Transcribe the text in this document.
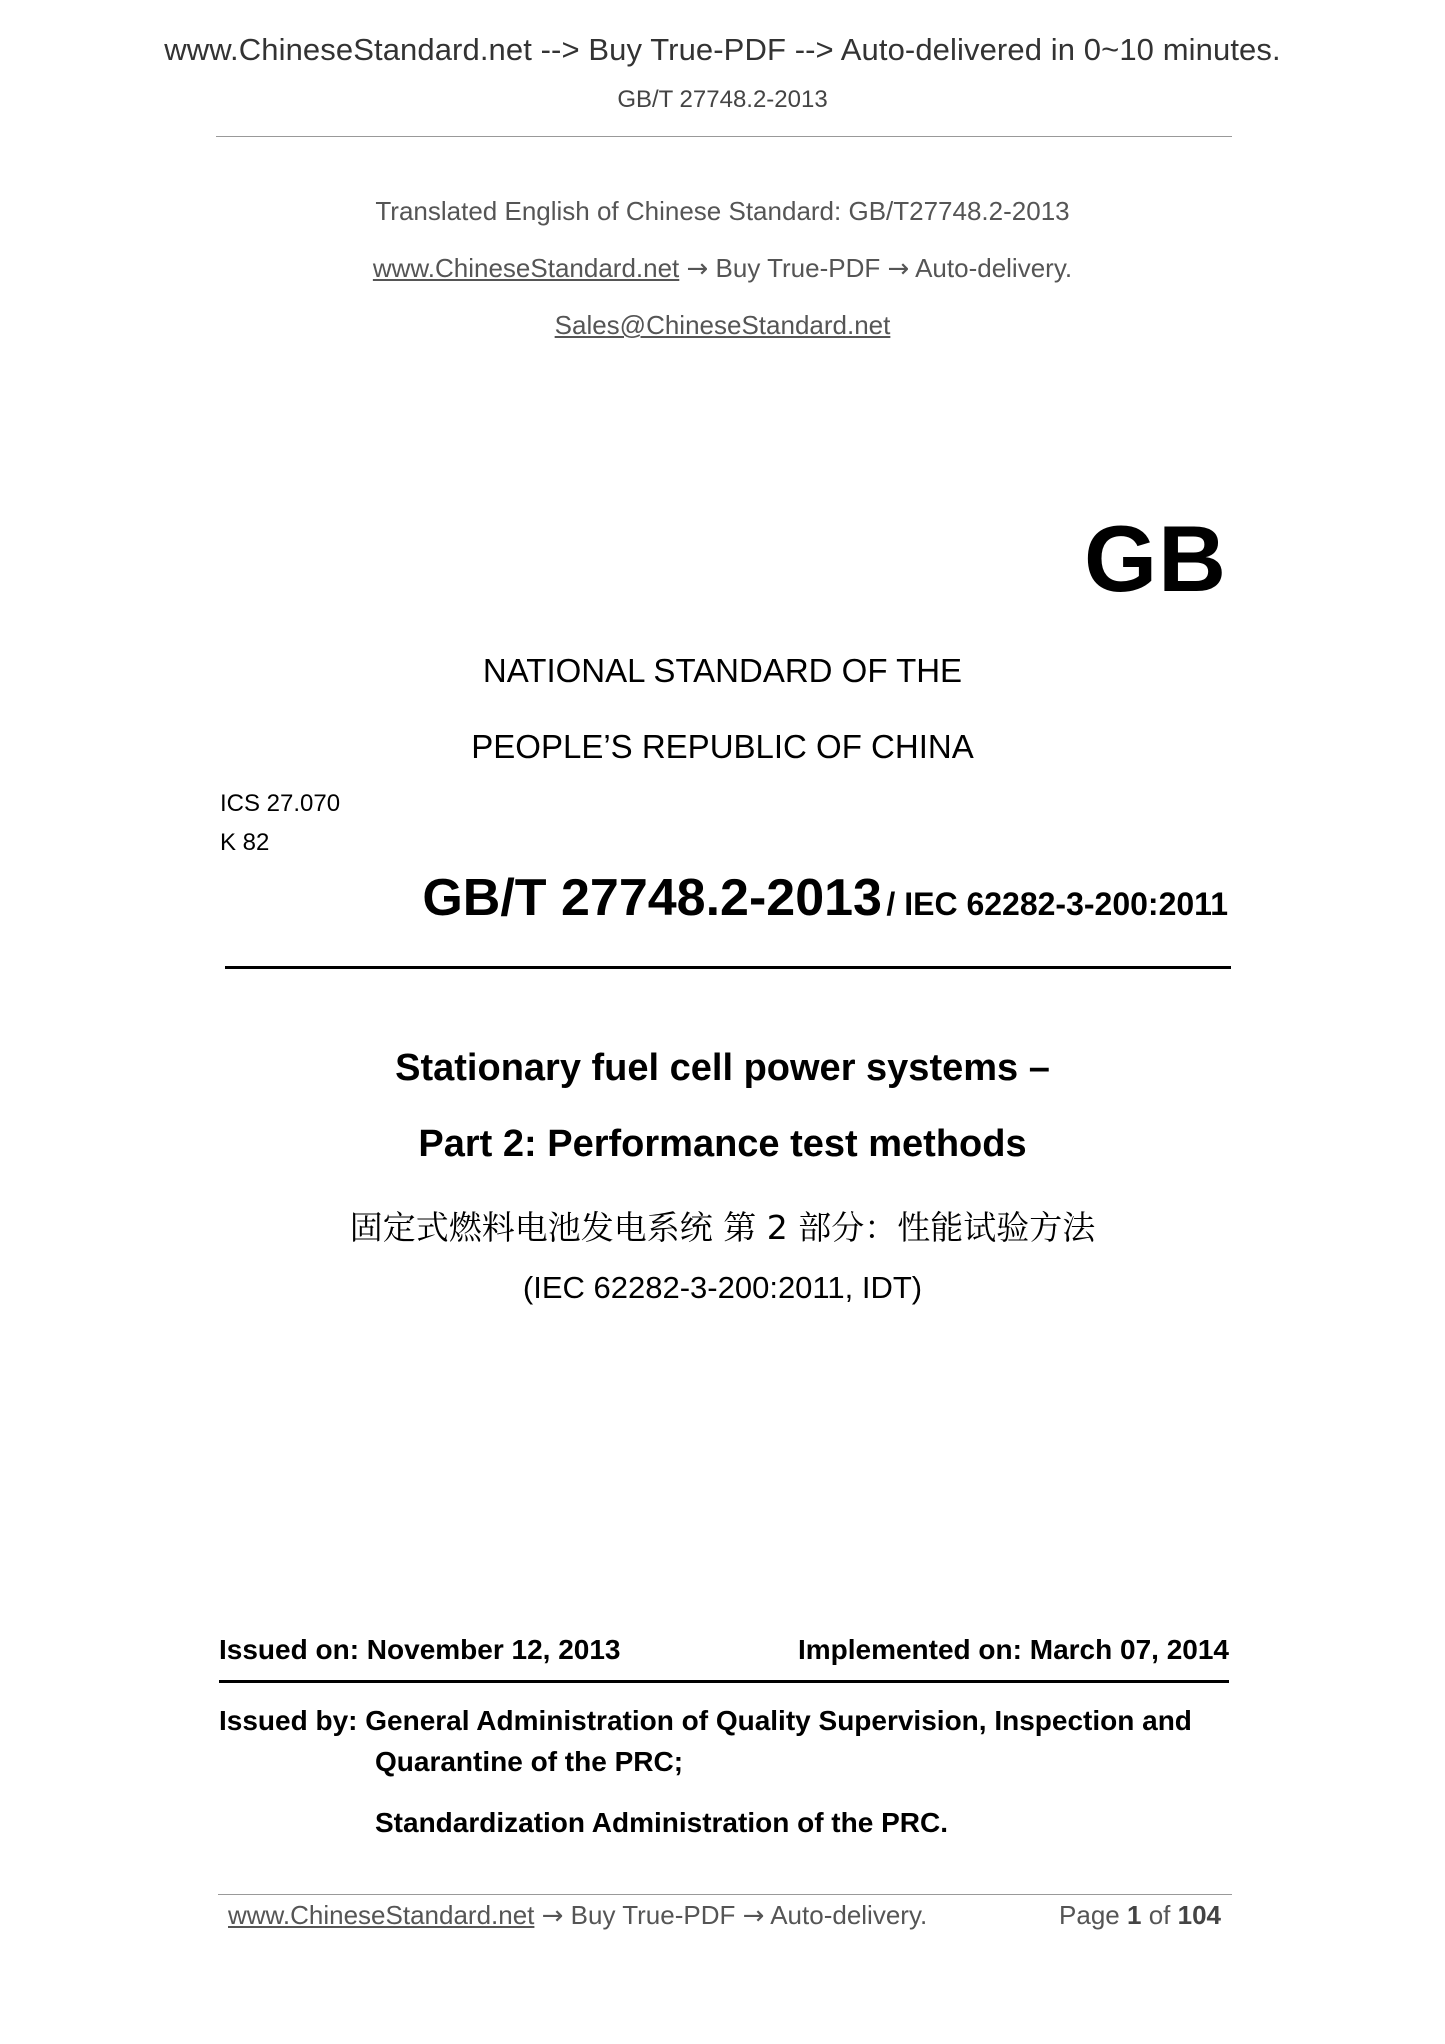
www.ChineseStandard.net --> Buy True-PDF --> Auto-delivered in 0~10 minutes.
GB/T 27748.2-2013
Translated English of Chinese Standard: GB/T27748.2-2013
www.ChineseStandard.net → Buy True-PDF → Auto-delivery.
Sales@ChineseStandard.net
GB
NATIONAL STANDARD OF THE
PEOPLE’S REPUBLIC OF CHINA
ICS 27.070
K 82
GB/T 27748.2-2013 / IEC 62282-3-200:2011
Stationary fuel cell power systems –
Part 2: Performance test methods
固定式燃料电池发电系统 第 2 部分：性能试验方法
(IEC 62282-3-200:2011, IDT)
Issued on: November 12, 2013	Implemented on: March 07, 2014
Issued by: General Administration of Quality Supervision, Inspection and
Quarantine of the PRC;
Standardization Administration of the PRC.
www.ChineseStandard.net → Buy True-PDF → Auto-delivery.	Page 1 of 104
